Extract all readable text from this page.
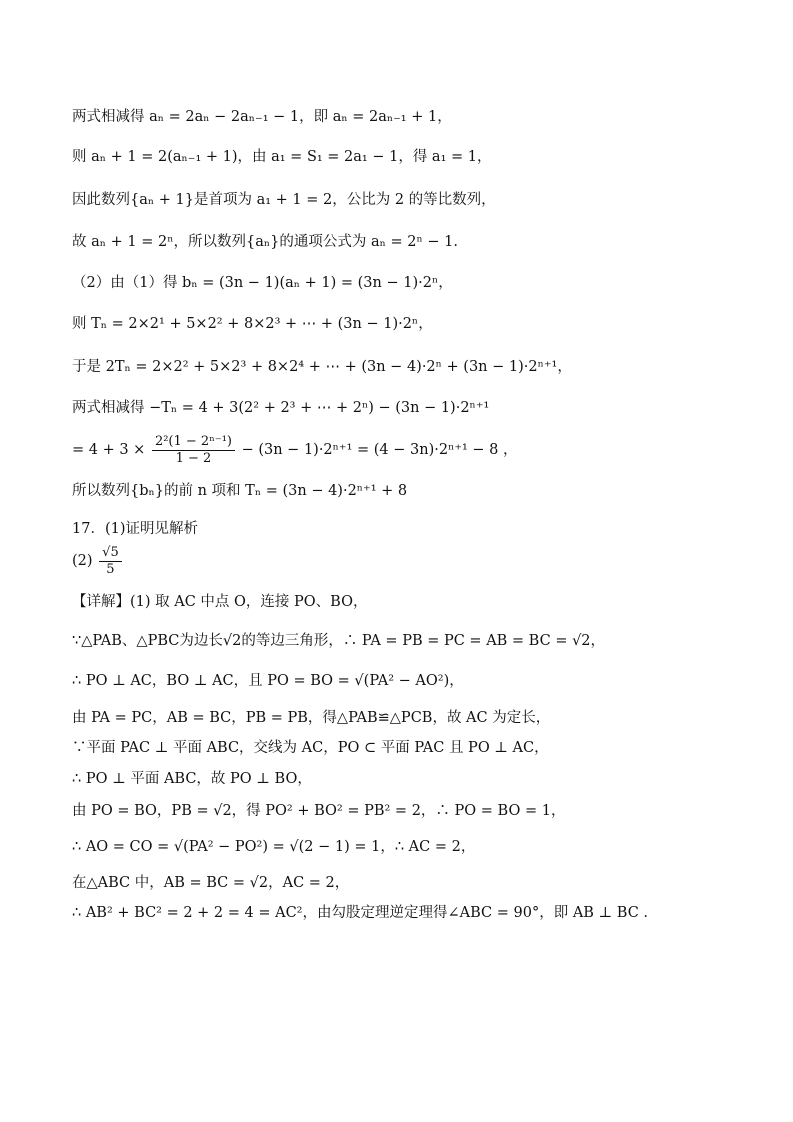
两式相减得 aₙ = 2aₙ − 2aₙ₋₁ − 1，即 aₙ = 2aₙ₋₁ + 1，
则 aₙ + 1 = 2(aₙ₋₁ + 1)，由 a₁ = S₁ = 2a₁ − 1，得 a₁ = 1，
因此数列{aₙ + 1}是首项为 a₁ + 1 = 2，公比为 2 的等比数列，
故 aₙ + 1 = 2ⁿ，所以数列{aₙ}的通项公式为 aₙ = 2ⁿ − 1.
（2）由（1）得 bₙ = (3n − 1)(aₙ + 1) = (3n − 1)·2ⁿ，
则 Tₙ = 2×2¹ + 5×2² + 8×2³ + ⋯ + (3n − 1)·2ⁿ，
于是 2Tₙ = 2×2² + 5×2³ + 8×2⁴ + ⋯ + (3n − 4)·2ⁿ + (3n − 1)·2ⁿ⁺¹，
两式相减得 −Tₙ = 4 + 3(2² + 2³ + ⋯ + 2ⁿ) − (3n − 1)·2ⁿ⁺¹
= $4 + 3 \times \frac{\text{2²(1 − 2ⁿ⁻¹)}}{1 - 2} - (3n - 1)\cdot 2^{n+1} = (4 - 3n)\cdot 2^{n+1} - 8$ ，
所以数列{bₙ}的前 n 项和 Tₙ = (3n − 4)·2ⁿ⁺¹ + 8
17．(1)证明见解析
$(2) \frac{√5}{5}$
【详解】(1) 取 AC 中点 O，连接 PO、BO，
∵△PAB、△PBC为边长√2的等边三角形，∴ PA = PB = PC = AB = BC = √2，
∴ PO ⊥ AC，BO ⊥ AC，且 PO = BO = √(PA² − AO²)，
由 PA = PC，AB = BC，PB = PB，得△PAB≌△PCB，故 AC 为定长，
∵平面 PAC ⊥ 平面 ABC，交线为 AC，PO ⊂ 平面 PAC 且 PO ⊥ AC，
∴ PO ⊥ 平面 ABC，故 PO ⊥ BO，
由 PO = BO，PB = √2，得 PO² + BO² = PB² = 2，∴ PO = BO = 1，
∴ AO = CO = √(PA² − PO²) = √(2 − 1) = 1，∴ AC = 2，
在△ABC 中，AB = BC = √2，AC = 2，
∴ AB² + BC² = 2 + 2 = 4 = AC²，由勾股定理逆定理得∠ABC = 90°，即 AB ⊥ BC .
